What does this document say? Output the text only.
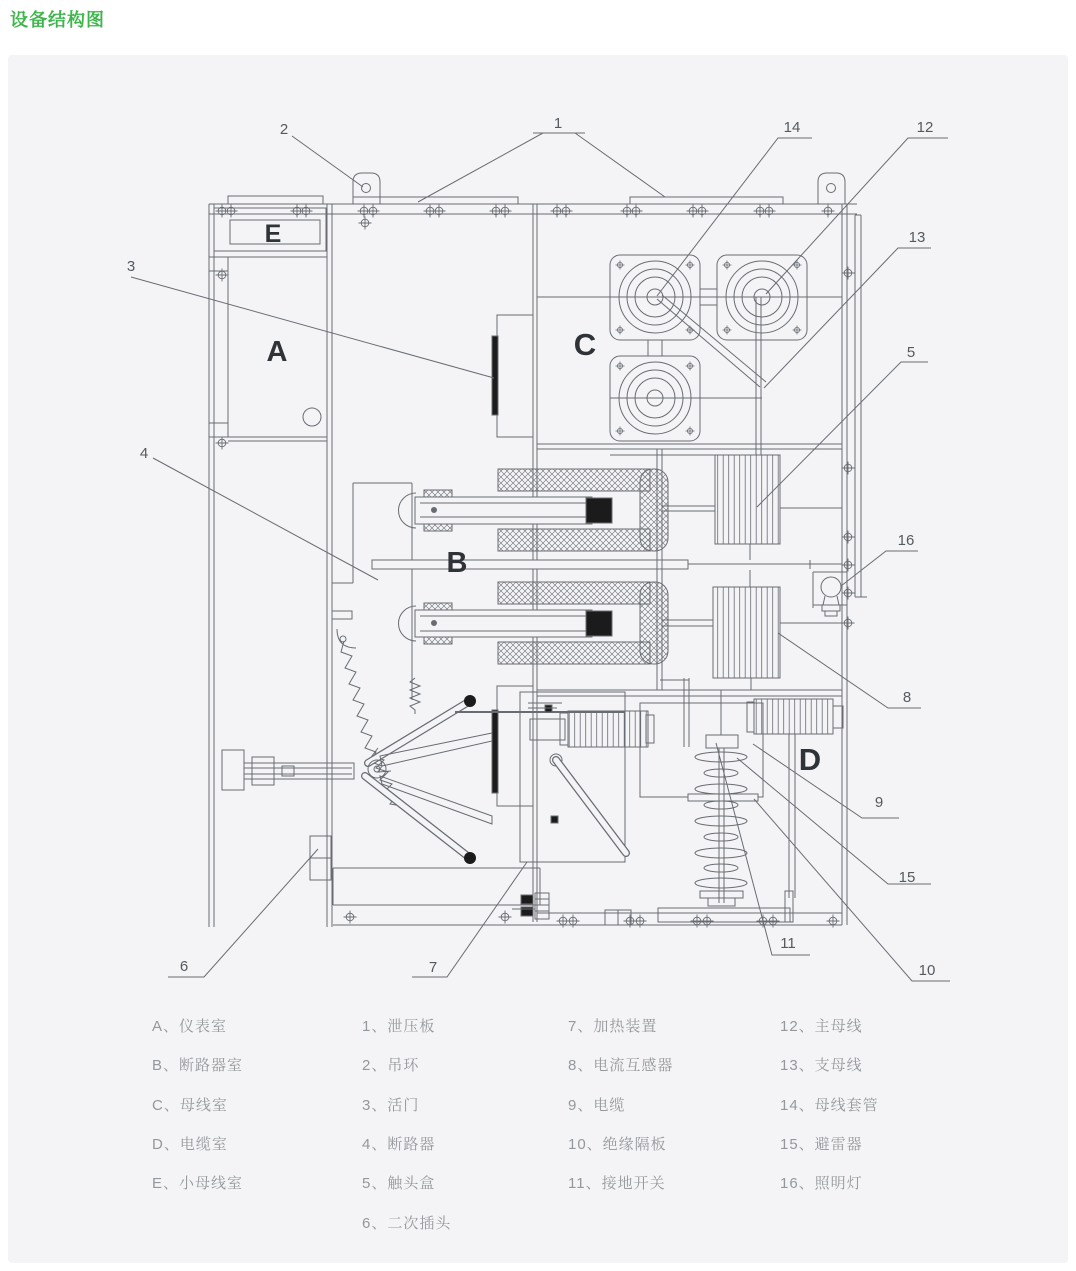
设备结构图
1
2
3
4
5
6	7
8
9
10
11
12
13
14
15
16
E
A
B
C
D
A、仪表室
B、断路器室
C、母线室
D、电缆室
E、小母线室
1、泄压板
2、吊环
3、活门
4、断路器
5、触头盒
6、二次插头
7、加热装置
8、电流互感器
9、电缆
10、绝缘隔板
11、接地开关
12、主母线
13、支母线
14、母线套管
15、避雷器
16、照明灯
